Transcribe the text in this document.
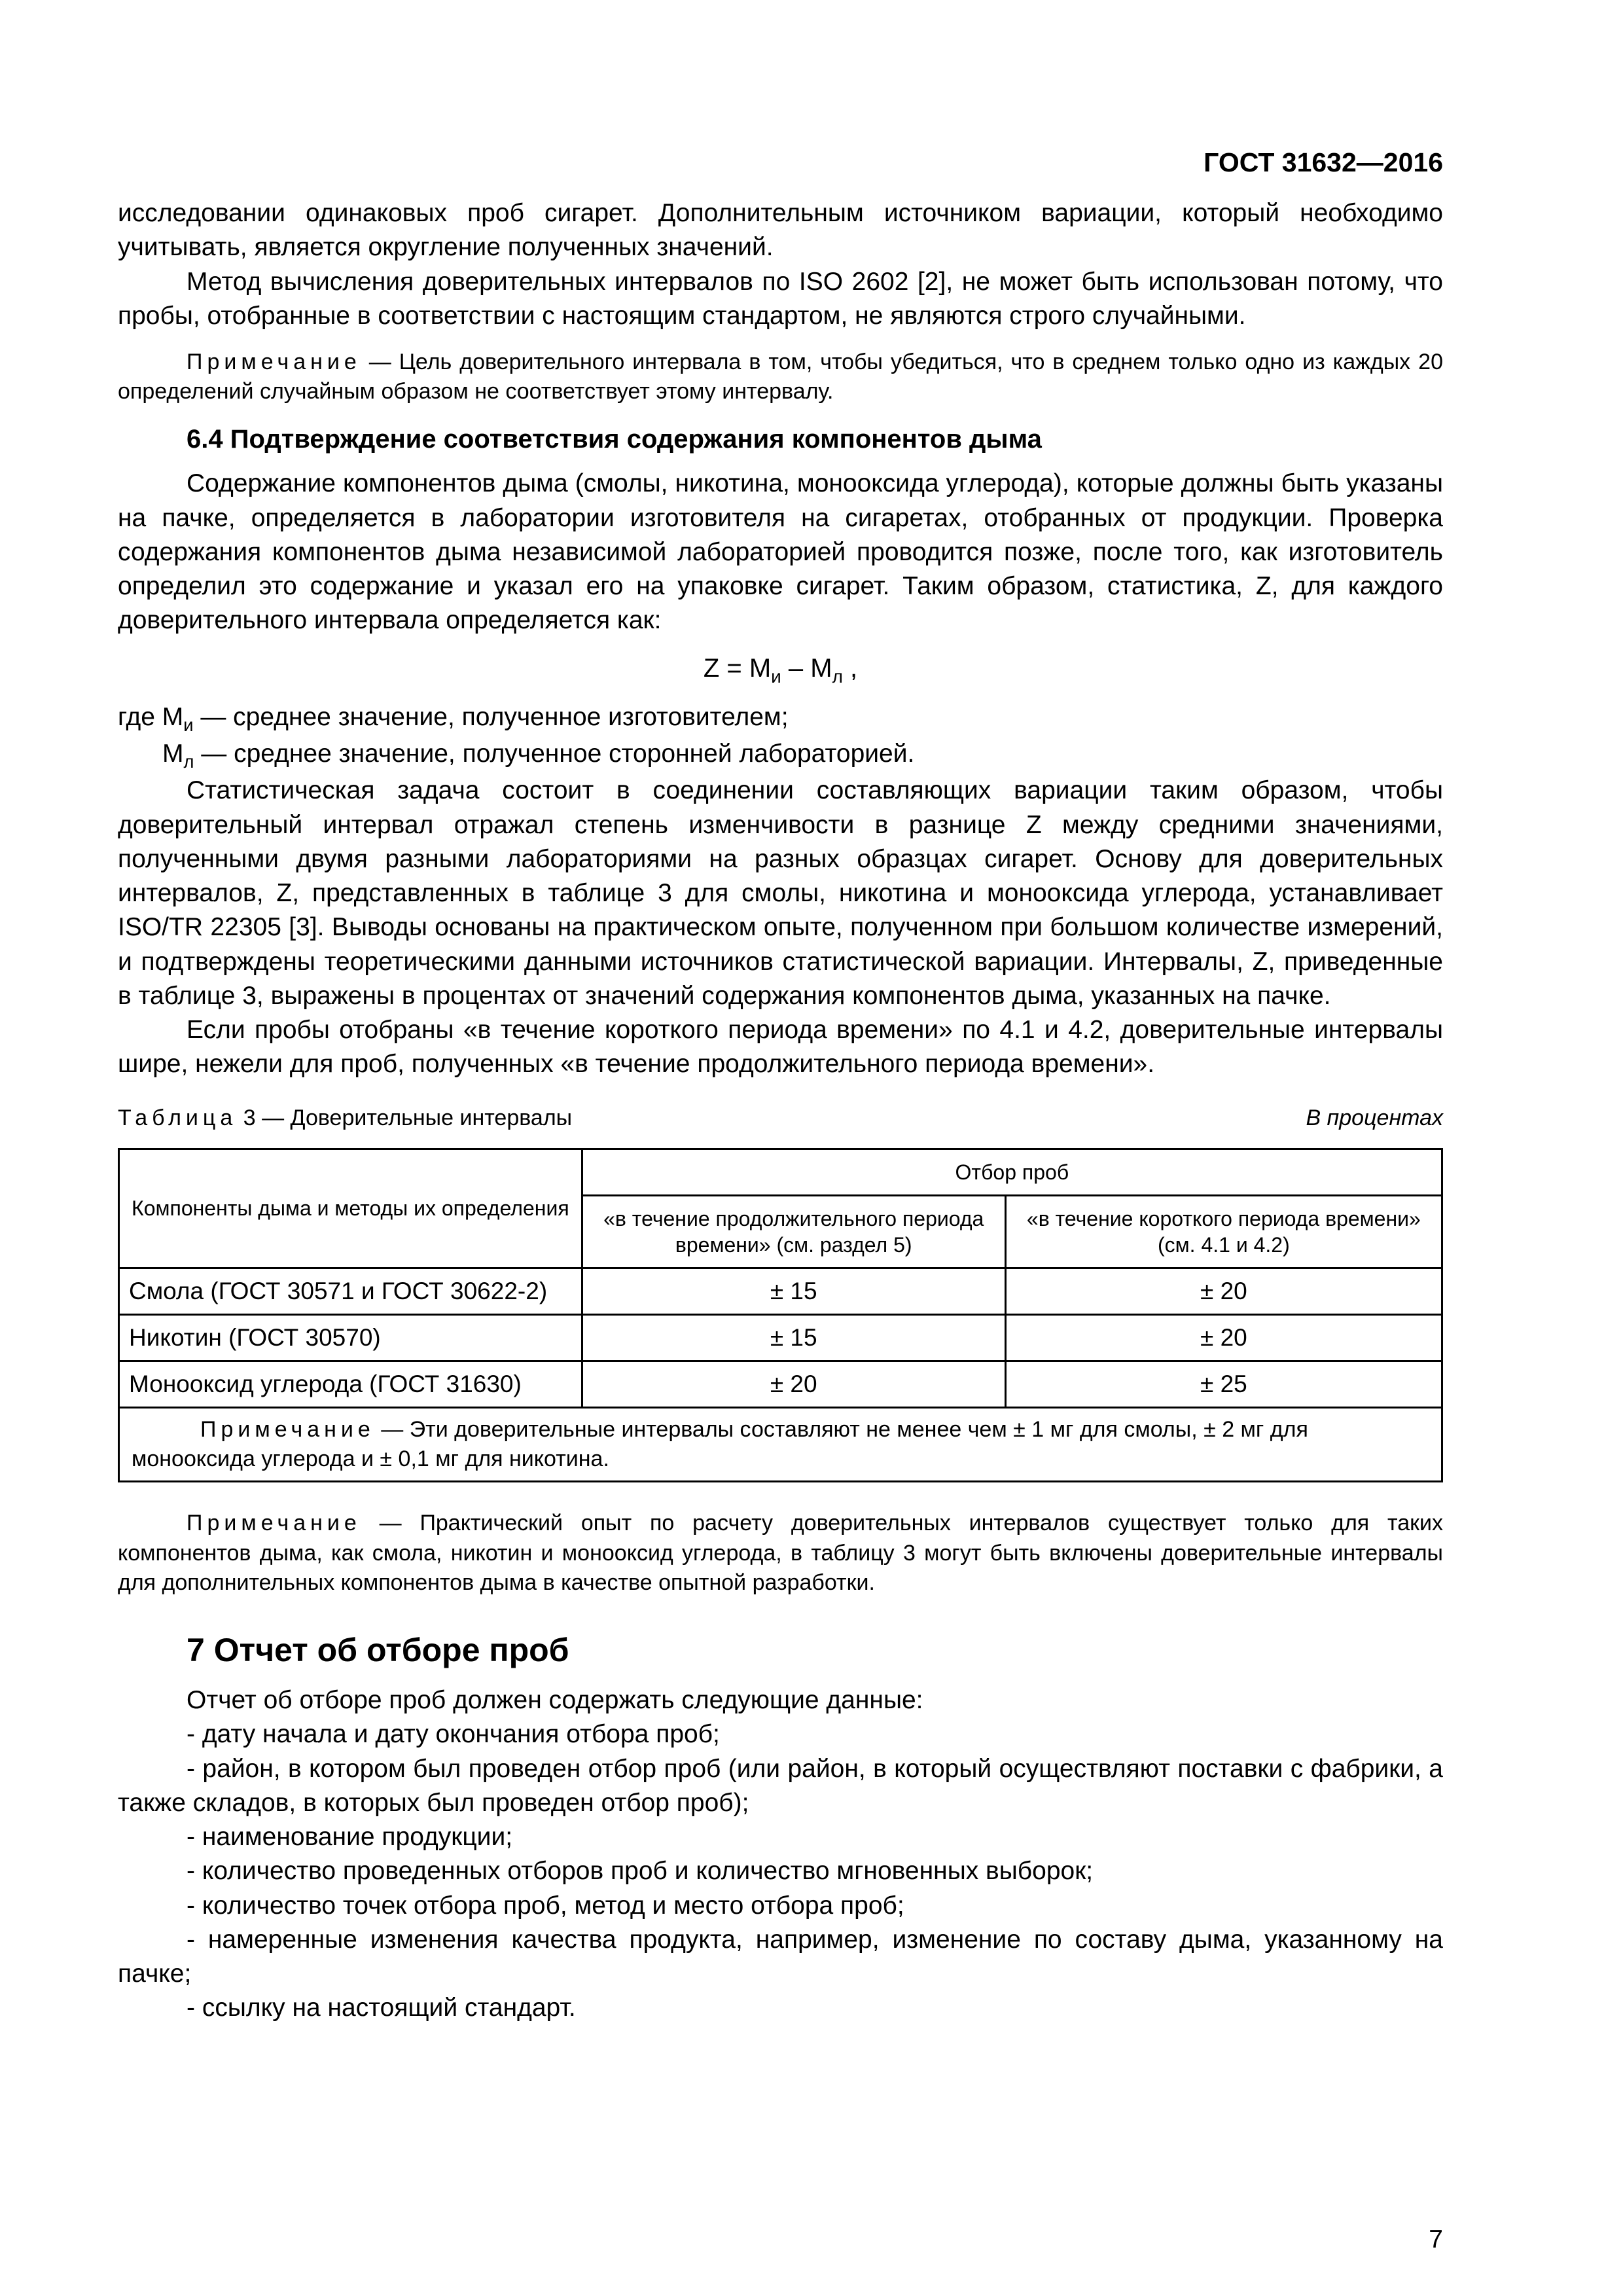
ГОСТ 31632—2016

исследовании одинаковых проб сигарет. Дополнительным источником вариации, который необходимо учитывать, является округление полученных значений.

Метод вычисления доверительных интервалов по ISO 2602 [2], не может быть использован потому, что пробы, отобранные в соответствии с настоящим стандартом, не являются строго случайными.

Примечание — Цель доверительного интервала в том, чтобы убедиться, что в среднем только одно из каждых 20 определений случайным образом не соответствует этому интервалу.
6.4 Подтверждение соответствия содержания компонентов дыма

Содержание компонентов дыма (смолы, никотина, монооксида углерода), которые должны быть указаны на пачке, определяется в лаборатории изготовителя на сигаретах, отобранных от продукции. Проверка содержания компонентов дыма независимой лабораторией проводится позже, после того, как изготовитель определил это содержание и указал его на упаковке сигарет. Таким образом, статистика, Z, для каждого доверительного интервала определяется как:

$Z = M_и - M_л$ ,

где $M_и$ — среднее значение, полученное изготовителем;

$M_л$ — среднее значение, полученное сторонней лабораторией.

Статистическая задача состоит в соединении составляющих вариации таким образом, чтобы доверительный интервал отражал степень изменчивости в разнице Z между средними значениями, полученными двумя разными лабораториями на разных образцах сигарет. Основу для доверительных интервалов, Z, представленных в таблице 3 для смолы, никотина и монооксида углерода, устанавливает ISO/TR 22305 [3]. Выводы основаны на практическом опыте, полученном при большом количестве измерений, и подтверждены теоретическими данными источников статистической вариации. Интервалы, Z, приведенные в таблице 3, выражены в процентах от значений содержания компонентов дыма, указанных на пачке.

Если пробы отобраны «в течение короткого периода времени» по 4.1 и 4.2, доверительные интервалы шире, нежели для проб, полученных «в течение продолжительного периода времени».

Таблица 3 — Доверительные интервалы	В процентах
Компоненты дыма и методы их определения	Отбор проб	
	«в течение продолжительного периода времени» (см. раздел 5)	«в течение короткого периода времени» (см. 4.1 и 4.2)
Смола (ГОСТ 30571 и ГОСТ 30622-2)	± 15	± 20
Никотин (ГОСТ 30570)	± 15	± 20
Монооксид углерода (ГОСТ 31630)	± 20	± 25
Примечание — Эти доверительные интервалы составляют не менее чем ± 1 мг для смолы, ± 2 мг для монооксида углерода и ± 0,1 мг для никотина.		
Примечание — Практический опыт по расчету доверительных интервалов существует только для таких компонентов дыма, как смола, никотин и монооксид углерода, в таблицу 3 могут быть включены доверительные интервалы для дополнительных компонентов дыма в качестве опытной разработки.
7 Отчет об отборе проб

Отчет об отборе проб должен содержать следующие данные:

- дату начала и дату окончания отбора проб;
- район, в котором был проведен отбор проб (или район, в который осуществляют поставки с фабрики, а также складов, в которых был проведен отбор проб);
- наименование продукции;
- количество проведенных отборов проб и количество мгновенных выборок;
- количество точек отбора проб, метод и место отбора проб;
- намеренные изменения качества продукта, например, изменение по составу дыма, указанному на пачке;
- ссылку на настоящий стандарт.
7
